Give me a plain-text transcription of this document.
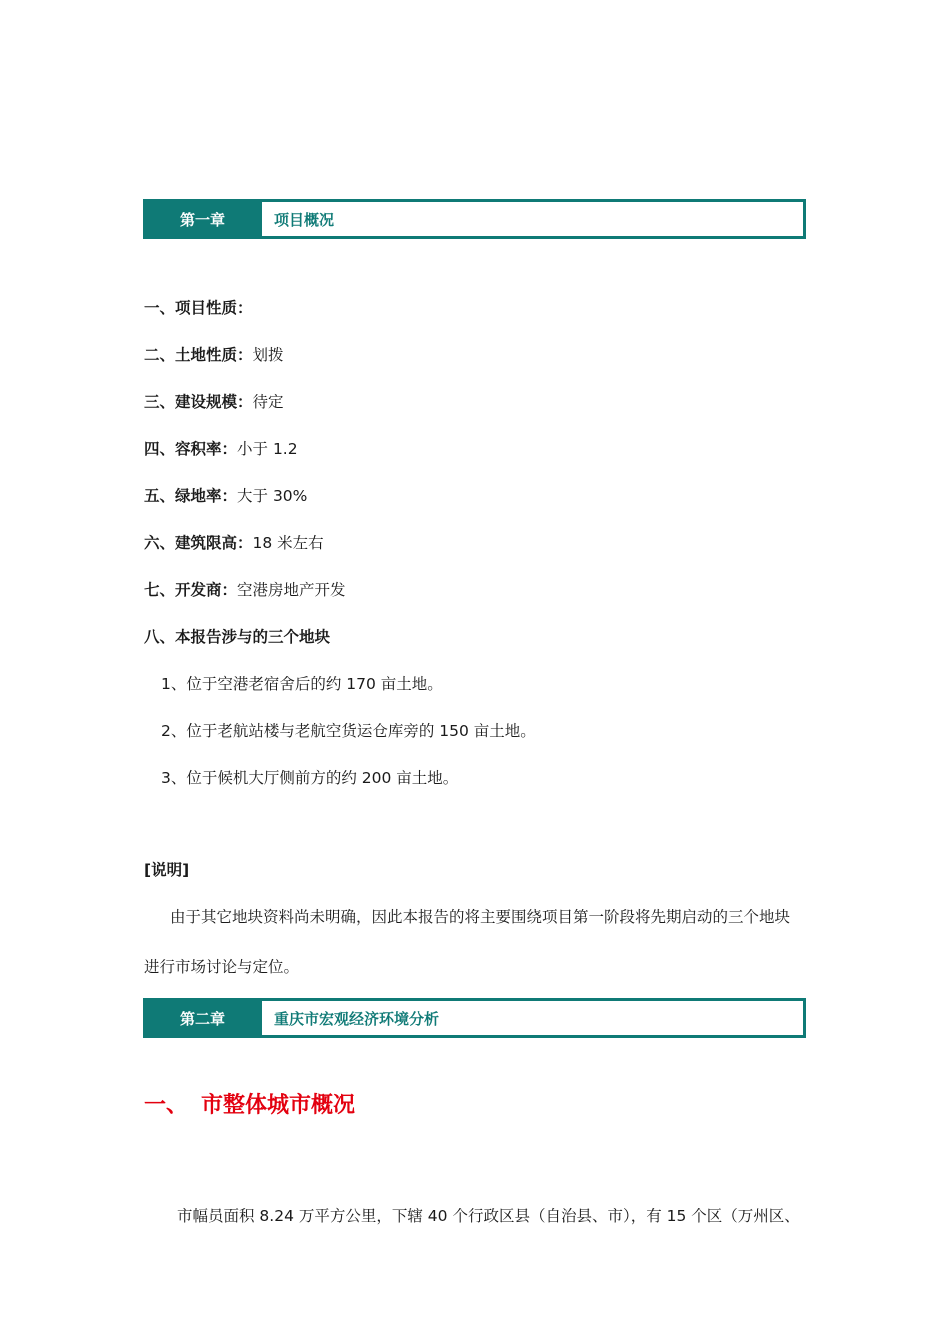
第一章	项目概况
一、项目性质：
二、土地性质：划拨
三、建设规模：待定
四、容积率：小于 1.2
五、绿地率：大于 30%
六、建筑限高：18 米左右
七、开发商：空港房地产开发
八、本报告涉与的三个地块
1、位于空港老宿舍后的约 170 亩土地。
2、位于老航站楼与老航空货运仓库旁的 150 亩土地。
3、位于候机大厅侧前方的约 200 亩土地。
[说明]
由于其它地块资料尚未明确，因此本报告的将主要围绕项目第一阶段将先期启动的三个地块
进行市场讨论与定位。
第二章	重庆市宏观经济环境分析
一、 市整体城市概况
市幅员面积 8.24 万平方公里，下辖 40 个行政区县（自治县、市），有 15 个区（万州区、
